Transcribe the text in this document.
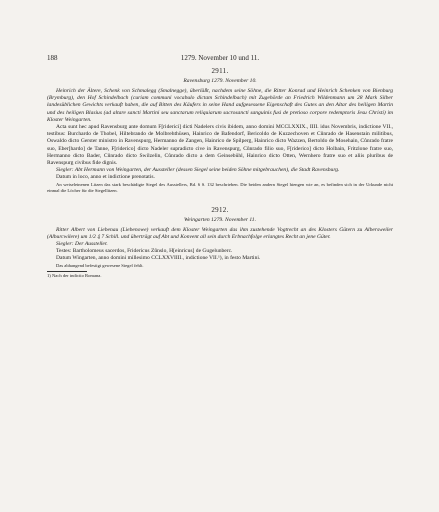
188	1279. November 10 und 11.
2911.
Ravensburg 1279. November 10.

Heinrich der Ältere, Schenk von Schmalegg (Smalnegge), überläßt, nachdem seine Söhne, die Ritter Konrad und Heinrich Schenken von Bienburg (Brymburg), den Hof Schindelbach (curiam communi vocabulo dictam Schindelbach) mit Zugehörde an Friedrich Wildenmann um 28 Mark Silber landesüblichen Gewichts verkauft haben, die auf Bitten des Käufers in seine Hand aufgesessene Eigenschaft des Gutes an den Altar des heiligen Martin und des heiligen Blasius (ad altare sancti Martini seu sanctarum reliquiarum sacrosancti sanguinis fusi de pretioso corpore redemptoris Jesu Christi) im Kloster Weingarten.

Acta sunt hec apud Ravensburg ante domum F[riderici] dicti Nadelers civis ibidem, anno domini MCCLXXIX., IIII. idus Novembris, indictione VII., testibus: Burchardo de Thobel, Hiltebrando de Molbrehthüsen, Hainrico de Bafendorf, Bericoldo de Kuzzechoven et Cůnrado de Hasenstain militibus, Oswaldo dicto Gerster ministro in Ravenspurg, Hermanno de Zangen, Hainrico de Spilperg, Hainrico dicto Wazzen, Bertoldo de Mosehain, Cůnrado fratre suo, Eber[hardo] de Tanne, F[riderico] dicto Nadeler supradicto cive in Ravenspurg, Cůnrado filio suo, F[riderico] dicto Holbain, Fritzlone fratre suo, Hermanno dicto Bader, Cůnrado dicto Swilzelin, Cůnrado dicto a dem Geinsebühl, Hainrico dicto Otten, Wernhero fratre suo et aliis pluribus de Ravenspurg civibus fide dignis.

Siegler: Abt Hermann von Weingarten, der Aussteller (dessen Siegel seine beiden Söhne mitgebrauchen), die Stadt Ravensburg.

Datum in loco, anno et indictione prenotatis.

An weiseleinenen Litzen das stark beschädigte Siegel des Ausstellers, Bd. 6 S. 132 beschrieben. Die beiden andern Siegel hiengen wie an, es befinden sich in der Urkunde nicht einmal die Löcher für die Siegellitzen.

2912.
Weingarten 1279. November 11.

Ritter Albert von Liebenau (Liebenowe) verkauft dem Kloster Weingarten das ihm zustehende Vogtrecht an des Klosters Gütern zu Albersweiler (Alburcwilere) um 1/2 ₰ 7 Schill. und überträgt auf Abt und Konvent all sein durch Erbnachfolge erlangtes Recht an jene Güter.

Siegler: Der Aussteller.

Testes: Bartholomeus sacerdos, Fridericus Zůnslo, H[einricus] de Gugelunberc.

Datum Wingarten, anno domini millesimo CCLXXVIIII., indictione VII.¹), in festo Martini.

Das abhangend befestigt gewesene Siegel fehlt.

1) Nach der indictio Romana.
